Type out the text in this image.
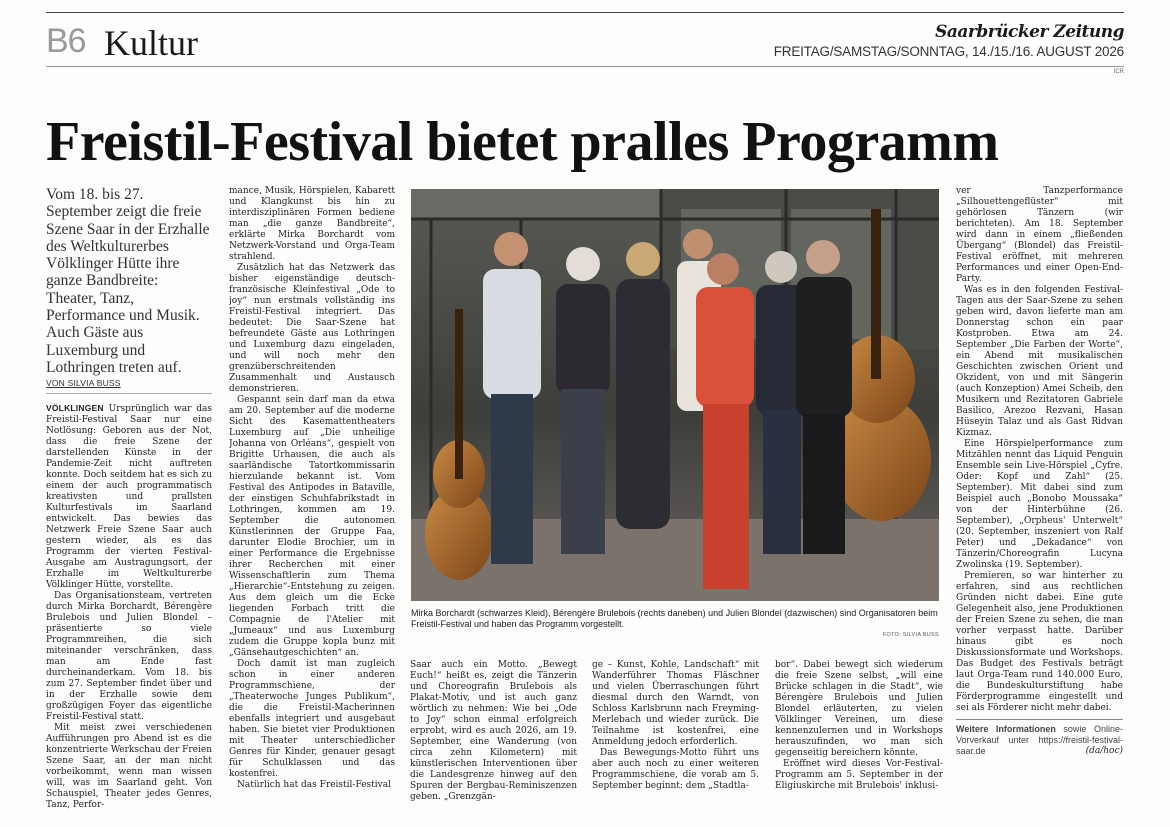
B6 Kultur	Saarbrücker Zeitung
FREITAG/SAMSTAG/SONNTAG, 14./15./16. AUGUST 2026
ICR
Freistil-Festival bietet pralles Programm
Vom 18. bis 27. September zeigt die freie Szene Saar in der Erzhalle des Weltkulturerbes Völklinger Hütte ihre ganze Bandbreite: Theater, Tanz, Performance und Musik. Auch Gäste aus Luxemburg und Lothringen treten auf.
VON SILVIA BUSS

VÖLKLINGEN Ursprünglich war das Freistil-Festival Saar nur eine Notlösung: Geboren aus der Not, dass die freie Szene der darstellenden Künste in der Pandemie-Zeit nicht auftreten konnte. Doch seitdem hat es sich zu einem der auch programmatisch kreativsten und prallsten Kulturfestivals im Saarland entwickelt. Das bewies das Netzwerk Freie Szene Saar auch gestern wieder, als es das Programm der vierten Festival-Ausgabe am Austragungsort, der Erzhalle im Weltkulturerbe Völklinger Hütte, vorstellte.

Das Organisationsteam, vertreten durch Mirka Borchardt, Bérengère Brulebois und Julien Blondel – präsentierte so viele Programmreihen, die sich miteinander verschränken, dass man am Ende fast durcheinanderkam. Vom 18. bis zum 27. September findet über und in der Erzhalle sowie dem großzügigen Foyer das eigentliche Freistil-Festival statt.

Mit meist zwei verschiedenen Aufführungen pro Abend ist es die konzentrierte Werkschau der Freien Szene Saar, an der man nicht vorbeikommt, wenn man wissen will, was im Saarland geht. Von Schauspiel, Theater jedes Genres, Tanz, Perfor-

mance, Musik, Hörspielen, Kabarett und Klangkunst bis hin zu interdisziplinären Formen bediene man „die ganze Bandbreite“, erklärte Mirka Borchardt vom Netzwerk-Vorstand und Orga-Team strahlend.

Zusätzlich hat das Netzwerk das bisher eigenständige deutsch-französische Kleinfestival „Ode to joy“ nun erstmals vollständig ins Freistil-Festival integriert. Das bedeutet: Die Saar-Szene hat befreundete Gäste aus Lothringen und Luxemburg dazu eingeladen, und will noch mehr den grenzüberschreitenden Zusammenhalt und Austausch demonstrieren.

Gespannt sein darf man da etwa am 20. September auf die moderne Sicht des Kasemattentheaters Luxemburg auf „Die unheilige Johanna von Orléans“, gespielt von Brigitte Urhausen, die auch als saarländische Tatortkommissarin hierzulande bekannt ist. Vom Festival des Antipodes in Bataville, der einstigen Schuhfabrikstadt in Lothringen, kommen am 19. September die autonomen Künstlerinnen der Gruppe Faa, darunter Elodie Brochier, um in einer Performance die Ergebnisse ihrer Recherchen mit einer Wissenschaftlerin zum Thema „Hierarchie“-Entstehung zu zeigen. Aus dem gleich um die Ecke liegenden Forbach tritt die Compagnie de l'Atelier mit „Jumeaux“ und aus Luxemburg zudem die Gruppe kopla bunz mit „Gänsehautgeschichten“ an.

Doch damit ist man zugleich schon in einer anderen Programmschiene, der „Theaterwoche Junges Publikum“, die die Freistil-Macherinnen ebenfalls integriert und ausgebaut haben. Sie bietet vier Produktionen mit Theater unterschiedlicher Genres für Kinder, genauer gesagt für Schulklassen und das kostenfrei.

Natürlich hat das Freistil-Festival

Mirka Borchardt (schwarzes Kleid), Bérengère Brulebois (rechts daneben) und Julien Blondel (dazwischen) sind Organisatoren beim Freistil-Festival und haben das Programm vorgestellt.
FOTO: SILVIA BUSS

Saar auch ein Motto. „Bewegt Euch!“ heißt es, zeigt die Tänzerin und Choreografin Brulebois als Plakat-Motiv, und ist auch ganz wörtlich zu nehmen: Wie bei „Ode to Joy“ schon einmal erfolgreich erprobt, wird es auch 2026, am 19. September, eine Wanderung (von circa zehn Kilometern) mit künstlerischen Interventionen über die Landesgrenze hinweg auf den Spuren der Bergbau-Reminiszenzen geben. „Grenzgän-

ge – Kunst, Kohle, Landschaft“ mit Wanderführer Thomas Fläschner und vielen Überraschungen führt diesmal durch den Warndt, von Schloss Karlsbrunn nach Freyming-Merlebach und wieder zurück. Die Teilnahme ist kostenfrei, eine Anmeldung jedoch erforderlich.

Das Bewegungs-Motto führt uns aber auch noch zu einer weiteren Programmschiene, die vorab am 5. September beginnt: dem „Stadtla-

bor“. Dabei bewegt sich wiederum die freie Szene selbst, „will eine Brücke schlagen in die Stadt“, wie Bérengère Brulebois und Julien Blondel erläuterten, zu vielen Völklinger Vereinen, um diese kennenzulernen und in Workshops herauszufinden, wo man sich gegenseitig bereichern könnte.

Eröffnet wird dieses Vor-Festival-Programm am 5. September in der Eligiuskirche mit Brulebois' inklusi-

ver Tanzperformance „Silhouettengeflüster“ mit gehörlosen Tänzern (wir berichteten). Am 18. September wird dann in einem „fließenden Übergang“ (Blondel) das Freistil-Festival eröffnet, mit mehreren Performances und einer Open-End-Party.

Was es in den folgenden Festival-Tagen aus der Saar-Szene zu sehen geben wird, davon lieferte man am Donnerstag schon ein paar Kostproben. Etwa am 24. September „Die Farben der Worte“, ein Abend mit musikalischen Geschichten zwischen Orient und Okzident, von und mit Sängerin (auch Konzeption) Amei Scheib, den Musikern und Rezitatoren Gabriele Basilico, Arezoo Rezvani, Hasan Hüseyin Talaz und als Gast Ridvan Kizmaz.

Eine Hörspielperformance zum Mitzählen nennt das Liquid Penguin Ensemble sein Live-Hörspiel „Cyfre. Oder: Kopf und Zahl“ (25. September). Mit dabei sind zum Beispiel auch „Bonobo Moussaka“ von der Hinterbühne (26. September), „Orpheus' Unterwelt“ (20. September, inszeniert von Ralf Peter) und „Dekadance“ von Tänzerin/Choreografin Lucyna Zwolinska (19. September).

Premieren, so war hinterher zu erfahren, sind aus rechtlichen Gründen nicht dabei. Eine gute Gelegenheit also, jene Produktionen der Freien Szene zu sehen, die man vorher verpasst hatte. Darüber hinaus gibt es noch Diskussionsformate und Workshops. Das Budget des Festivals beträgt laut Orga-Team rund 140.000 Euro, die Bundeskulturstiftung habe Förderprogramme eingestellt und sei als Förderer nicht mehr dabei.

Weitere Informationen sowie Online-Vorverkauf unter https://freistil-festival-saar.de	(da/hoc)
